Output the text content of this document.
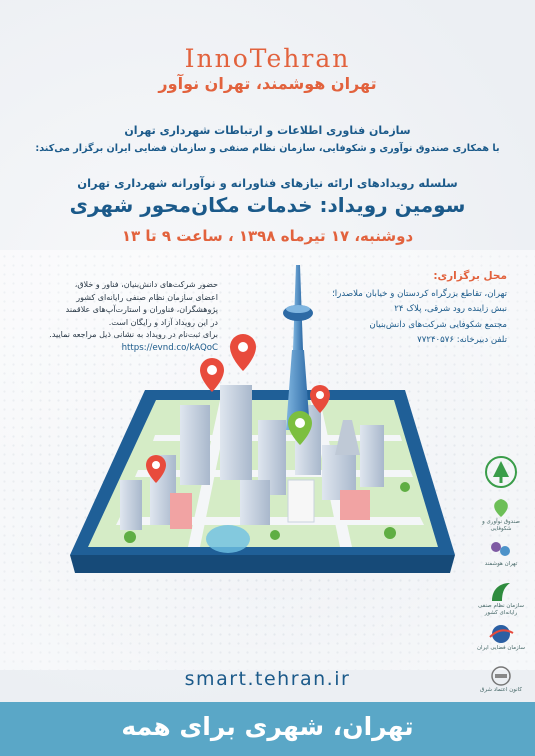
InnoTehran
تهران هوشمند، تهران نوآور
سازمان فناوری اطلاعات و ارتباطات شهرداری تهران
با همکاری صندوق نوآوری و شکوفایی، سازمان نظام صنفی و سازمان فضایی ایران برگزار می‌کند:
سلسله رویدادهای ارائه نیازهای فناورانه و نوآورانه شهرداری تهران
سومین رویداد: خدمات مکان‌محور شهری
دوشنبه، ۱۷ تیرماه ۱۳۹۸ ، ساعت ۹ تا ۱۳
محل برگزاری:
تهران، تقاطع بزرگراه کردستان و خیابان ملاصدرا؛
نبش زاینده رود شرقی، پلاک ۲۴
مجتمع شکوفایی شرکت‌های دانش‌بنیان
تلفن دبیرخانه: ۷۷۲۴۰۵۷۶
حضور شرکت‌های دانش‌بنیان، فناور و خلاق،
اعضای سازمان نظام صنفی رایانه‌ای کشور
پژوهشگران، فناوران و استارت‌آپ‌های علاقمند
در این رویداد آزاد و رایگان است.
برای ثبت‌نام در رویداد به نشانی ذیل مراجعه نمایید.
https://evnd.co/kAQoC
صندوق نوآوری و شکوفایی
تهران هوشمند
سازمان نظام صنفی رایانه‌ای کشور
سازمان فضایی ایران
کانون اعتماد شرق
smart.tehran.ir
تهران، شهری برای همه
